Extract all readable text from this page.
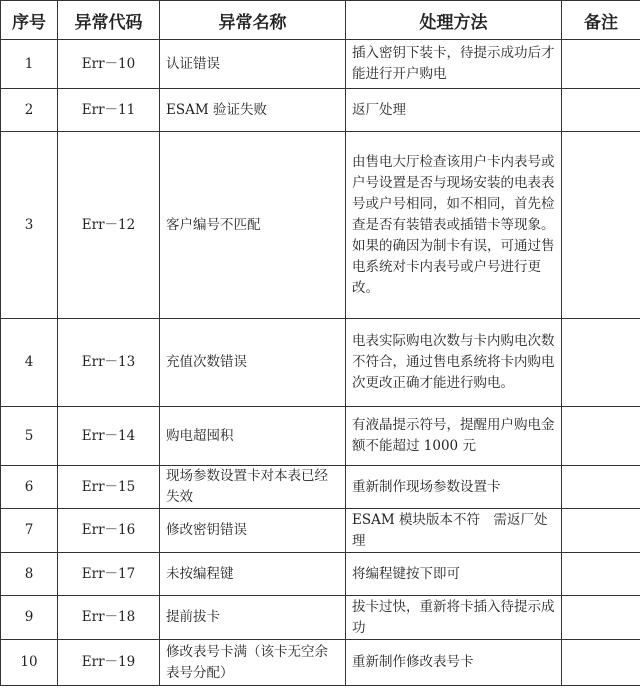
序号	异常代码	异常名称	处理方法	备注
1	Err－10	认证错误	插入密钥下装卡，待提示成功后才能进行开户购电	
2	Err－11	ESAM 验证失败	返厂处理	
3	Err－12	客户编号不匹配	由售电大厅检查该用户卡内表号或户号设置是否与现场安装的电表表号或户号相同，如不相同，首先检查是否有装错表或插错卡等现象。如果的确因为制卡有误，可通过售电系统对卡内表号或户号进行更改。	
4	Err－13	充值次数错误	电表实际购电次数与卡内购电次数不符合，通过售电系统将卡内购电次更改正确才能进行购电。	
5	Err－14	购电超囤积	有液晶提示符号，提醒用户购电金额不能超过 1000 元	
6	Err－15	现场参数设置卡对本表已经失效	重新制作现场参数设置卡	
7	Err－16	修改密钥错误	ESAM 模块版本不符　需返厂处理	
8	Err－17	未按编程键	将编程键按下即可	
9	Err－18	提前拔卡	拔卡过快，重新将卡插入待提示成功	
10	Err－19	修改表号卡满（该卡无空余表号分配）	重新制作修改表号卡	
